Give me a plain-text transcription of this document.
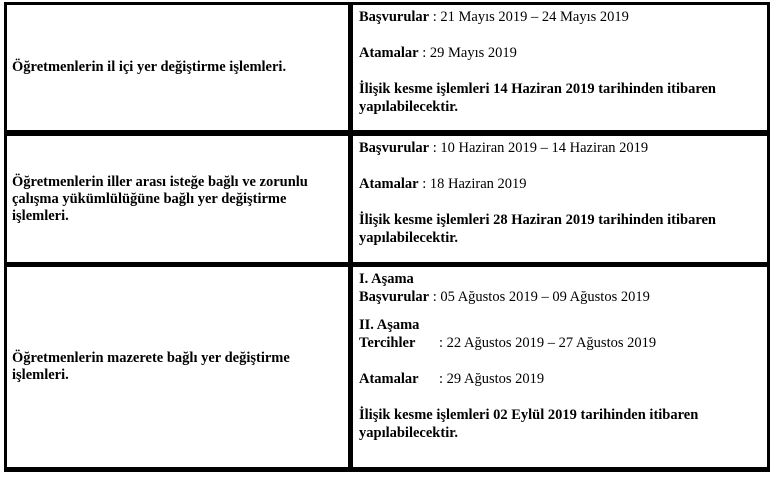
Öğretmenlerin il içi yer değiştirme işlemleri.
Başvurular : 21 Mayıs 2019 – 24 Mayıs 2019
Atamalar : 29 Mayıs 2019
İlişik kesme işlemleri 14 Haziran 2019 tarihinden itibaren yapılabilecektir.
Öğretmenlerin iller arası isteğe bağlı ve zorunlu çalışma yükümlülüğüne bağlı yer değiştirme işlemleri.
Başvurular : 10 Haziran 2019 – 14 Haziran 2019
Atamalar : 18 Haziran 2019
İlişik kesme işlemleri 28 Haziran 2019 tarihinden itibaren yapılabilecektir.
Öğretmenlerin mazerete bağlı yer değiştirme işlemleri.
I. Aşama
Başvurular : 05 Ağustos 2019 – 09 Ağustos 2019
II. Aşama
Tercihler : 22 Ağustos 2019 – 27 Ağustos 2019
Atamalar : 29 Ağustos 2019
İlişik kesme işlemleri 02 Eylül 2019 tarihinden itibaren yapılabilecektir.
